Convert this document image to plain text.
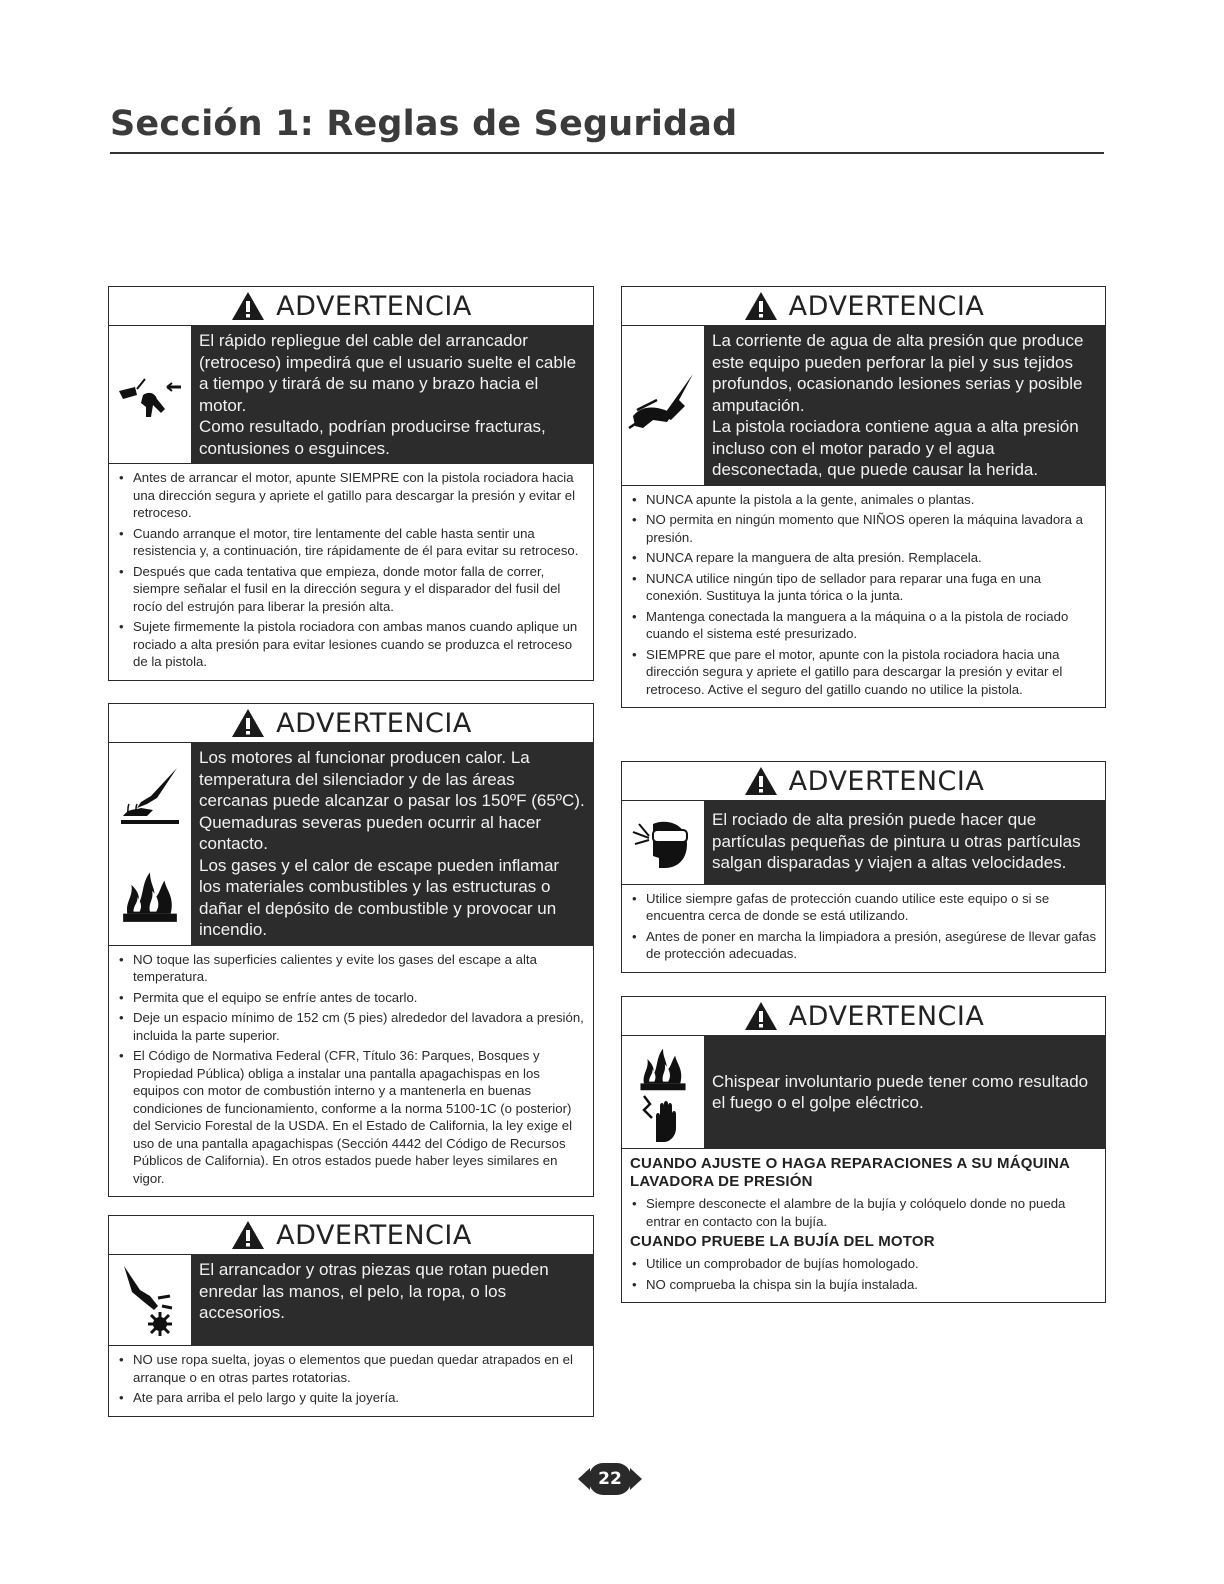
Sección 1: Reglas de Seguridad
ADVERTENCIA

El rápido repliegue del cable del arrancador (retroceso) impedirá que el usuario suelte el cable a tiempo y tirará de su mano y brazo hacia el motor.

Como resultado, podrían producirse fracturas, contusiones o esguinces.

• Antes de arrancar el motor, apunte SIEMPRE con la pistola rociadora hacia una dirección segura y apriete el gatillo para descargar la presión y evitar el retroceso.
• Cuando arranque el motor, tire lentamente del cable hasta sentir una resistencia y, a continuación, tire rápidamente de él para evitar su retroceso.
• Después que cada tentativa que empieza, donde motor falla de correr, siempre señalar el fusil en la dirección segura y el disparador del fusil del rocío del estrujón para liberar la presión alta.
• Sujete firmemente la pistola rociadora con ambas manos cuando aplique un rociado a alta presión para evitar lesiones cuando se produzca el retroceso de la pistola.
ADVERTENCIA

Los motores al funcionar producen calor. La temperatura del silenciador y de las áreas cercanas puede alcanzar o pasar los 150ºF (65ºC).

Quemaduras severas pueden ocurrir al hacer contacto.

Los gases y el calor de escape pueden inflamar los materiales combustibles y las estructuras o dañar el depósito de combustible y provocar un incendio.

• NO toque las superficies calientes y evite los gases del escape a alta temperatura.
• Permita que el equipo se enfríe antes de tocarlo.
• Deje un espacio mínimo de 152 cm (5 pies) alrededor del lavadora a presión, incluida la parte superior.
• El Código de Normativa Federal (CFR, Título 36: Parques, Bosques y Propiedad Pública) obliga a instalar una pantalla apagachispas en los equipos con motor de combustión interno y a mantenerla en buenas condiciones de funcionamiento, conforme a la norma 5100-1C (o posterior) del Servicio Forestal de la USDA. En el Estado de California, la ley exige el uso de una pantalla apagachispas (Sección 4442 del Código de Recursos Públicos de California). En otros estados puede haber leyes similares en vigor.
ADVERTENCIA

El arrancador y otras piezas que rotan pueden enredar las manos, el pelo, la ropa, o los accesorios.

• NO use ropa suelta, joyas o elementos que puedan quedar atrapados en el arranque o en otras partes rotatorias.
• Ate para arriba el pelo largo y quite la joyería.
ADVERTENCIA

La corriente de agua de alta presión que produce este equipo pueden perforar la piel y sus tejidos profundos, ocasionando lesiones serias y posible amputación.

La pistola rociadora contiene agua a alta presión incluso con el motor parado y el agua desconectada, que puede causar la herida.

• NUNCA apunte la pistola a la gente, animales o plantas.
• NO permita en ningún momento que NIÑOS operen la máquina lavadora a presión.
• NUNCA repare la manguera de alta presión. Remplacela.
• NUNCA utilice ningún tipo de sellador para reparar una fuga en una conexión. Sustituya la junta tórica o la junta.
• Mantenga conectada la manguera a la máquina o a la pistola de rociado cuando el sistema esté presurizado.
• SIEMPRE que pare el motor, apunte con la pistola rociadora hacia una dirección segura y apriete el gatillo para descargar la presión y evitar el retroceso. Active el seguro del gatillo cuando no utilice la pistola.
ADVERTENCIA

El rociado de alta presión puede hacer que partículas pequeñas de pintura u otras partículas salgan disparadas y viajen a altas velocidades.

• Utilice siempre gafas de protección cuando utilice este equipo o si se encuentra cerca de donde se está utilizando.
• Antes de poner en marcha la limpiadora a presión, asegúrese de llevar gafas de protección adecuadas.
ADVERTENCIA

Chispear involuntario puede tener como resultado el fuego o el golpe eléctrico.

CUANDO AJUSTE O HAGA REPARACIONES A SU MÁQUINA LAVADORA DE PRESIÓN
• Siempre desconecte el alambre de la bujía y colóquelo donde no pueda entrar en contacto con la bujía.
CUANDO PRUEBE LA BUJÍA DEL MOTOR
• Utilice un comprobador de bujías homologado.
• NO comprueba la chispa sin la bujía instalada.
22
